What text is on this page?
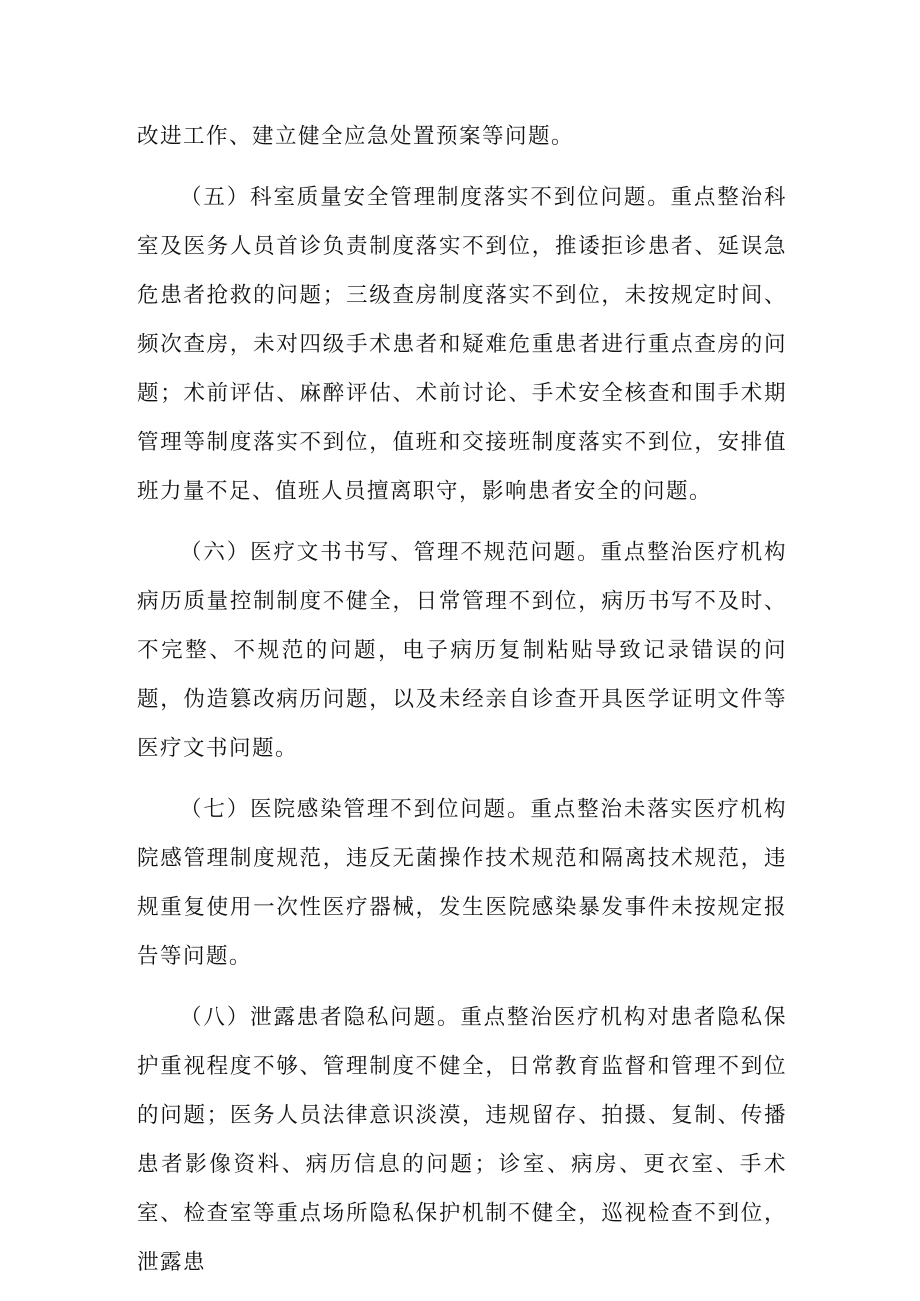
改进工作、建立健全应急处置预案等问题。

（五）科室质量安全管理制度落实不到位问题。重点整治科室及医务人员首诊负责制度落实不到位，推诿拒诊患者、延误急危患者抢救的问题；三级查房制度落实不到位，未按规定时间、频次查房，未对四级手术患者和疑难危重患者进行重点查房的问题；术前评估、麻醉评估、术前讨论、手术安全核查和围手术期管理等制度落实不到位，值班和交接班制度落实不到位，安排值班力量不足、值班人员擅离职守，影响患者安全的问题。

（六）医疗文书书写、管理不规范问题。重点整治医疗机构病历质量控制制度不健全，日常管理不到位，病历书写不及时、不完整、不规范的问题，电子病历复制粘贴导致记录错误的问题，伪造篡改病历问题，以及未经亲自诊查开具医学证明文件等医疗文书问题。

（七）医院感染管理不到位问题。重点整治未落实医疗机构院感管理制度规范，违反无菌操作技术规范和隔离技术规范，违规重复使用一次性医疗器械，发生医院感染暴发事件未按规定报告等问题。

（八）泄露患者隐私问题。重点整治医疗机构对患者隐私保护重视程度不够、管理制度不健全，日常教育监督和管理不到位的问题；医务人员法律意识淡漠，违规留存、拍摄、复制、传播患者影像资料、病历信息的问题；诊室、病房、更衣室、手术室、检查室等重点场所隐私保护机制不健全，巡视检查不到位，泄露患
